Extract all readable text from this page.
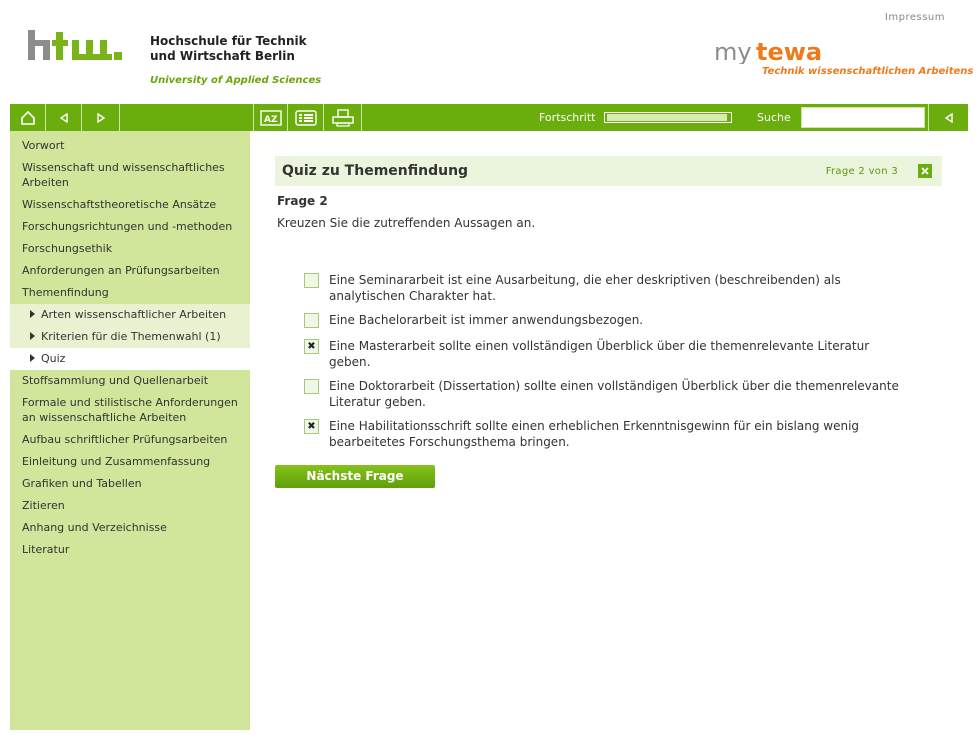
Hochschule für Technik
und Wirtschaft Berlin
University of Applied Sciences
Impressum
my tewa
Technik wissenschaftlichen Arbeitens
AZ	Fortschritt	Suche
Vorwort
Wissenschaft und wissenschaftliches Arbeiten
Wissenschaftstheoretische Ansätze
Forschungsrichtungen und -methoden
Forschungsethik
Anforderungen an Prüfungsarbeiten
Themenfindung
Arten wissenschaftlicher Arbeiten
Kriterien für die Themenwahl (1)
Quiz
Stoffsammlung und Quellenarbeit
Formale und stilistische Anforderungen an wissenschaftliche Arbeiten
Aufbau schriftlicher Prüfungsarbeiten
Einleitung und Zusammenfassung
Grafiken und Tabellen
Zitieren
Anhang und Verzeichnisse
Literatur
Quiz zu Themenfindung	Frage 2 von 3
Frage 2
Kreuzen Sie die zutreffenden Aussagen an.
Eine Seminararbeit ist eine Ausarbeitung, die eher deskriptiven (beschreibenden) als analytischen Charakter hat.
Eine Bachelorarbeit ist immer anwendungsbezogen.
✖ Eine Masterarbeit sollte einen vollständigen Überblick über die themenrelevante Literatur geben.
Eine Doktorarbeit (Dissertation) sollte einen vollständigen Überblick über die themenrelevante Literatur geben.
✖ Eine Habilitationsschrift sollte einen erheblichen Erkenntnisgewinn für ein bislang wenig bearbeitetes Forschungsthema bringen.
Nächste Frage
